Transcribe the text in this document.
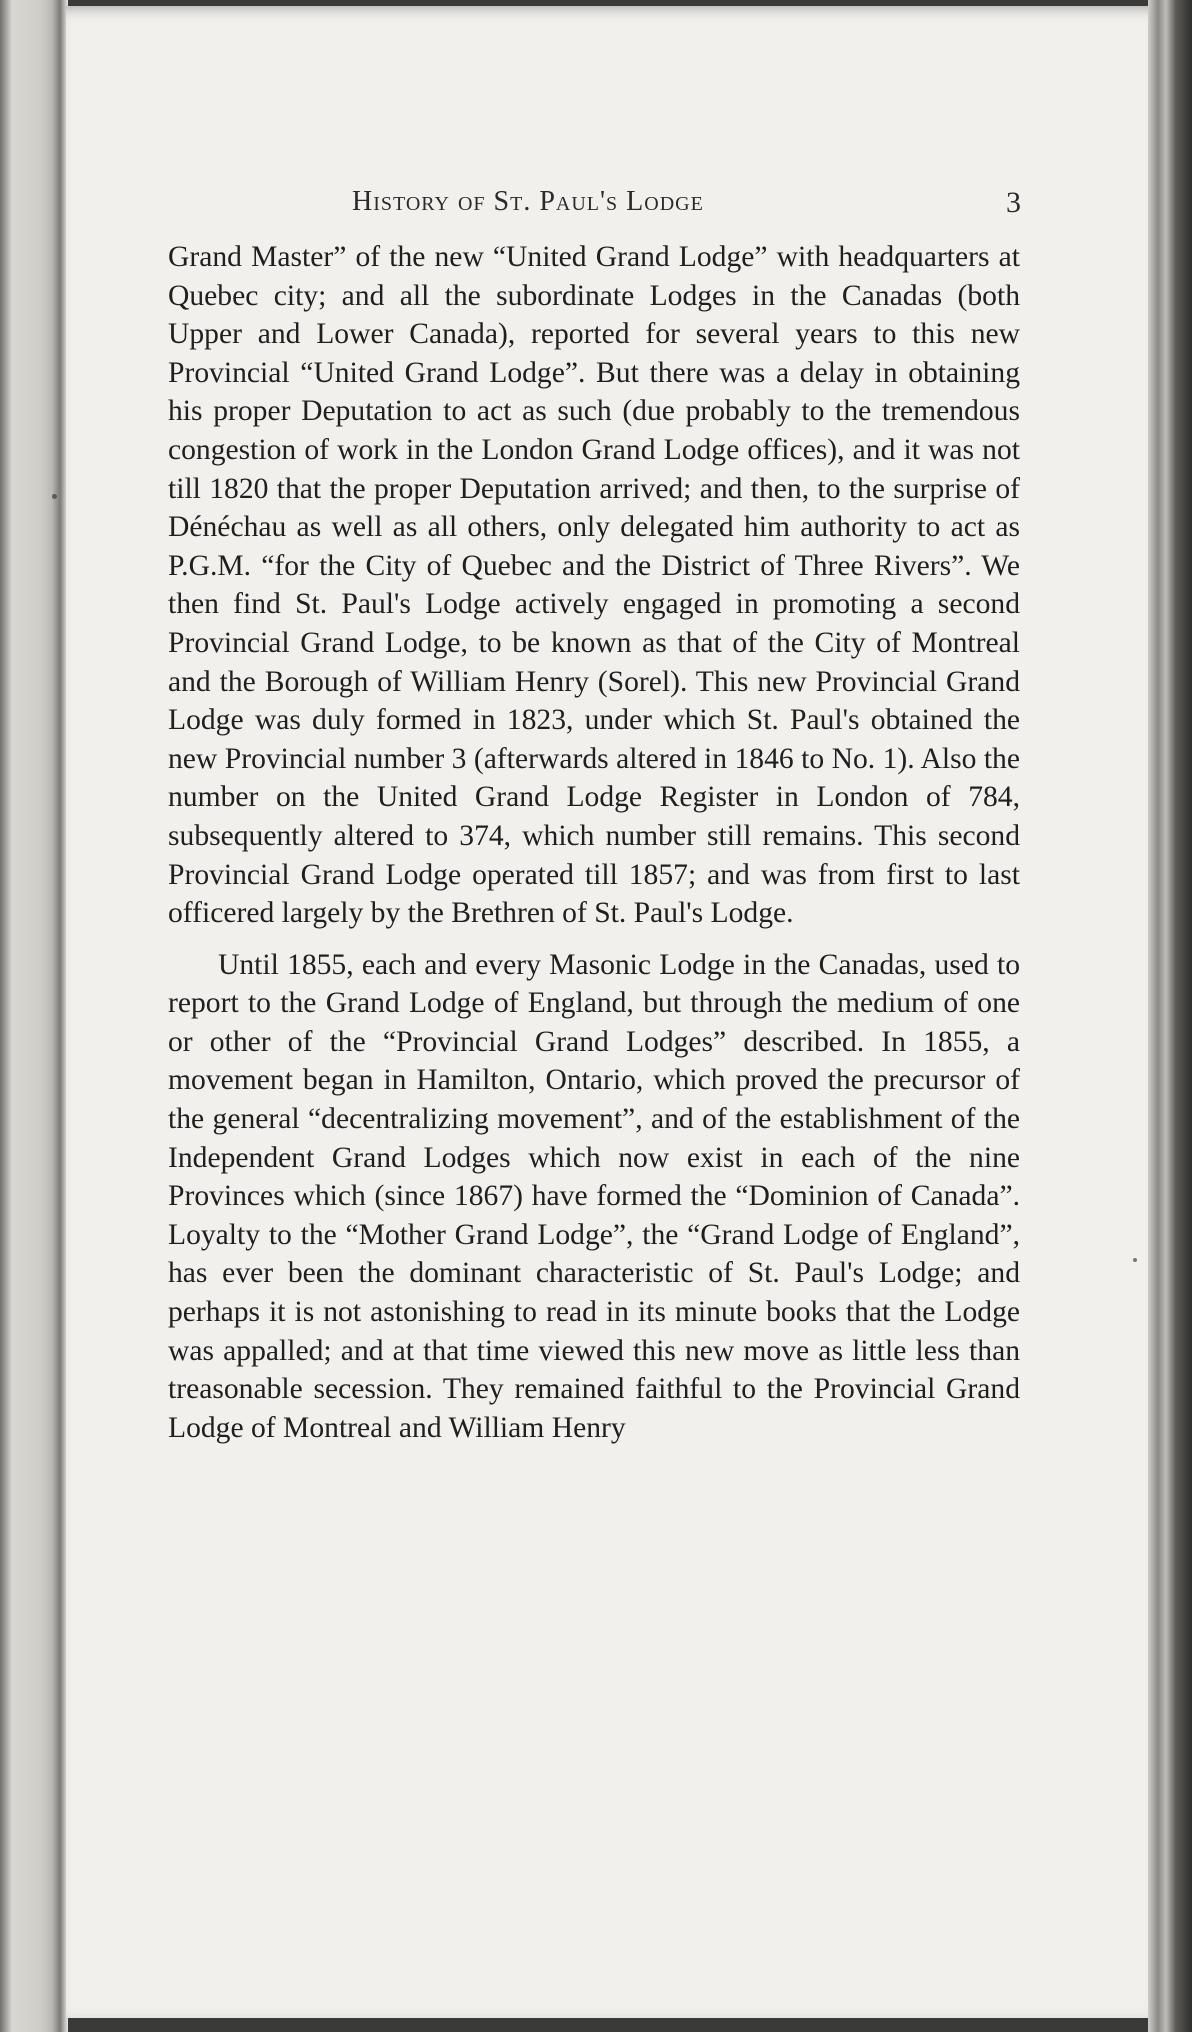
History of St. Paul's Lodge	3

Grand Master” of the new “United Grand Lodge” with headquarters at Quebec city; and all the subordinate Lodges in the Canadas (both Upper and Lower Canada), reported for several years to this new Provincial “United Grand Lodge”. But there was a delay in obtaining his proper Deputation to act as such (due probably to the tremendous congestion of work in the London Grand Lodge offices), and it was not till 1820 that the proper Deputation arrived; and then, to the surprise of Dénéchau as well as all others, only delegated him authority to act as P.G.M. “for the City of Quebec and the District of Three Rivers”. We then find St. Paul's Lodge actively engaged in promoting a second Provincial Grand Lodge, to be known as that of the City of Montreal and the Borough of William Henry (Sorel). This new Provincial Grand Lodge was duly formed in 1823, under which St. Paul's obtained the new Provincial number 3 (afterwards altered in 1846 to No. 1). Also the number on the United Grand Lodge Register in London of 784, subsequently altered to 374, which number still remains. This second Provincial Grand Lodge operated till 1857; and was from first to last officered largely by the Brethren of St. Paul's Lodge.

Until 1855, each and every Masonic Lodge in the Canadas, used to report to the Grand Lodge of England, but through the medium of one or other of the “Provincial Grand Lodges” described. In 1855, a movement began in Hamilton, Ontario, which proved the precursor of the general “decentralizing movement”, and of the establishment of the Independent Grand Lodges which now exist in each of the nine Provinces which (since 1867) have formed the “Dominion of Canada”. Loyalty to the “Mother Grand Lodge”, the “Grand Lodge of England”, has ever been the dominant characteristic of St. Paul's Lodge; and perhaps it is not astonishing to read in its minute books that the Lodge was appalled; and at that time viewed this new move as little less than treasonable secession. They remained faithful to the Provincial Grand Lodge of Montreal and William Henry
